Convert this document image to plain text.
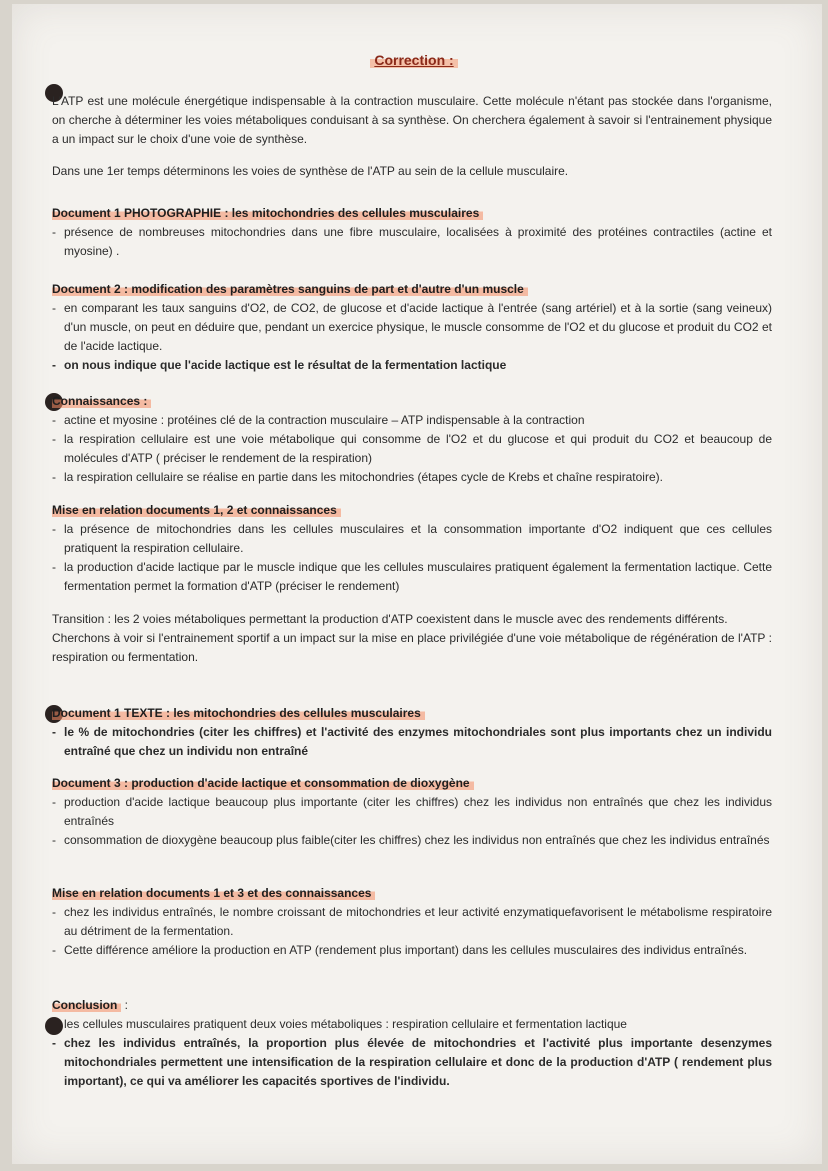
Correction :

L'ATP est une molécule énergétique indispensable à la contraction musculaire. Cette molécule n'étant pas stockée dans l'organisme, on cherche à déterminer les voies métaboliques conduisant à sa synthèse. On cherchera également à savoir si l'entrainement physique a un impact sur le choix d'une voie de synthèse.

Dans une 1er temps déterminons les voies de synthèse de l'ATP au sein de la cellule musculaire.

Document 1 PHOTOGRAPHIE : les mitochondries des cellules musculaires
- présence de nombreuses mitochondries dans une fibre musculaire, localisées à proximité des protéines contractiles (actine et myosine) .
Document 2 : modification des paramètres sanguins de part et d'autre d'un muscle
- en comparant les taux sanguins d'O2, de CO2, de glucose et d'acide lactique à l'entrée (sang artériel) et à la sortie (sang veineux) d'un muscle, on peut en déduire que, pendant un exercice physique, le muscle consomme de l'O2 et du glucose et produit du CO2 et de l'acide lactique.
- on nous indique que l'acide lactique est le résultat de la fermentation lactique
Connaissances :
- actine et myosine : protéines clé de la contraction musculaire – ATP indispensable à la contraction
- la respiration cellulaire est une voie métabolique qui consomme de l'O2 et du glucose et qui produit du CO2 et beaucoup de molécules d'ATP ( préciser le rendement de la respiration)
- la respiration cellulaire se réalise en partie dans les mitochondries (étapes cycle de Krebs et chaîne respiratoire).
Mise en relation documents 1, 2 et connaissances
- la présence de mitochondries dans les cellules musculaires et la consommation importante d'O2 indiquent que ces cellules pratiquent la respiration cellulaire.
- la production d'acide lactique par le muscle indique que les cellules musculaires pratiquent également la fermentation lactique. Cette fermentation permet la formation d'ATP (préciser le rendement)

Transition : les 2 voies métaboliques permettant la production d'ATP coexistent dans le muscle avec des rendements différents.

Cherchons à voir si l'entrainement sportif a un impact sur la mise en place privilégiée d'une voie métabolique de régénération de l'ATP : respiration ou fermentation.

Document 1 TEXTE : les mitochondries des cellules musculaires
- le % de mitochondries (citer les chiffres) et l'activité des enzymes mitochondriales sont plus importants chez un individu entraîné que chez un individu non entraîné
Document 3 : production d'acide lactique et consommation de dioxygène
- production d'acide lactique beaucoup plus importante (citer les chiffres) chez les individus non entraînés que chez les individus entraînés
- consommation de dioxygène beaucoup plus faible(citer les chiffres) chez les individus non entraînés que chez les individus entraînés
Mise en relation documents 1 et 3 et des connaissances
- chez les individus entraînés, le nombre croissant de mitochondries et leur activité enzymatiquefavorisent le métabolisme respiratoire au détriment de la fermentation.
- Cette différence améliore la production en ATP (rendement plus important) dans les cellules musculaires des individus entraînés.
Conclusion :
les cellules musculaires pratiquent deux voies métaboliques : respiration cellulaire et fermentation lactique
- chez les individus entraînés, la proportion plus élevée de mitochondries et l'activité plus importante desenzymes mitochondriales permettent une intensification de la respiration cellulaire et donc de la production d'ATP ( rendement plus important), ce qui va améliorer les capacités sportives de l'individu.
